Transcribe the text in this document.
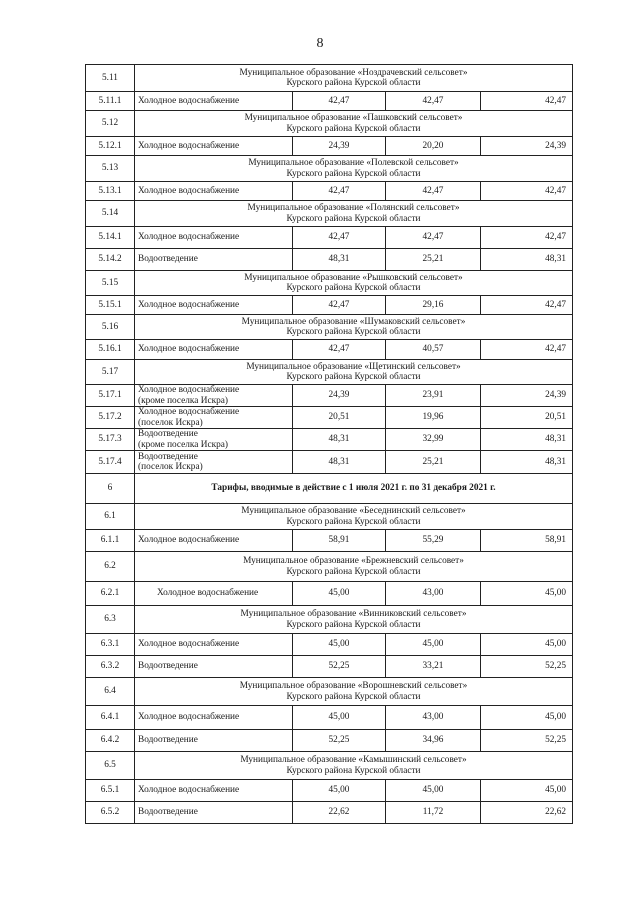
8
5.11	Муниципальное образование «Ноздрачевский сельсовет»
Курского района Курской области			

5.11.1	Холодное водоснабжение	42,47	42,47	42,47
5.12	Муниципальное образование «Пашковский сельсовет»
Курского района Курской области			

5.12.1	Холодное водоснабжение	24,39	20,20	24,39
5.13	Муниципальное образование «Полевской сельсовет»
Курского района Курской области			

5.13.1	Холодное водоснабжение	42,47	42,47	42,47
5.14	Муниципальное образование «Полянский сельсовет»
Курского района Курской области			

5.14.1	Холодное водоснабжение	42,47	42,47	42,47
5.14.2	Водоотведение	48,31	25,21	48,31
5.15	Муниципальное образование «Рышковский сельсовет»
Курского района Курской области			

5.15.1	Холодное водоснабжение	42,47	29,16	42,47
5.16	Муниципальное образование «Шумаковский сельсовет»
Курского района Курской области			

5.16.1	Холодное водоснабжение	42,47	40,57	42,47
5.17	Муниципальное образование «Щетинский сельсовет»
Курского района Курской области			

5.17.1	Холодное водоснабжение
(кроме поселка Искра)	24,39	23,91	24,39
5.17.2	Холодное водоснабжение
(поселок Искра)	20,51	19,96	20,51
5.17.3	Водоотведение
(кроме поселка Искра)	48,31	32,99	48,31
5.17.4	Водоотведение
(поселок Искра)	48,31	25,21	48,31
6	Тарифы, вводимые в действие с 1 июля 2021 г. по 31 декабря 2021 г.			
6.1	Муниципальное образование «Беседнинский сельсовет»
Курского района Курской области			

6.1.1	Холодное водоснабжение	58,91	55,29	58,91
6.2	Муниципальное образование «Брежневский сельсовет»
Курского района Курской области			

6.2.1	Холодное водоснабжение	45,00	43,00	45,00
6.3	Муниципальное образование «Винниковский сельсовет»
Курского района Курской области			

6.3.1	Холодное водоснабжение	45,00	45,00	45,00
6.3.2	Водоотведение	52,25	33,21	52,25
6.4	Муниципальное образование «Ворошневский сельсовет»
Курского района Курской области			

6.4.1	Холодное водоснабжение	45,00	43,00	45,00
6.4.2	Водоотведение	52,25	34,96	52,25
6.5	Муниципальное образование «Камышинский сельсовет»
Курского района Курской области			

6.5.1	Холодное водоснабжение	45,00	45,00	45,00
6.5.2	Водоотведение	22,62	11,72	22,62
